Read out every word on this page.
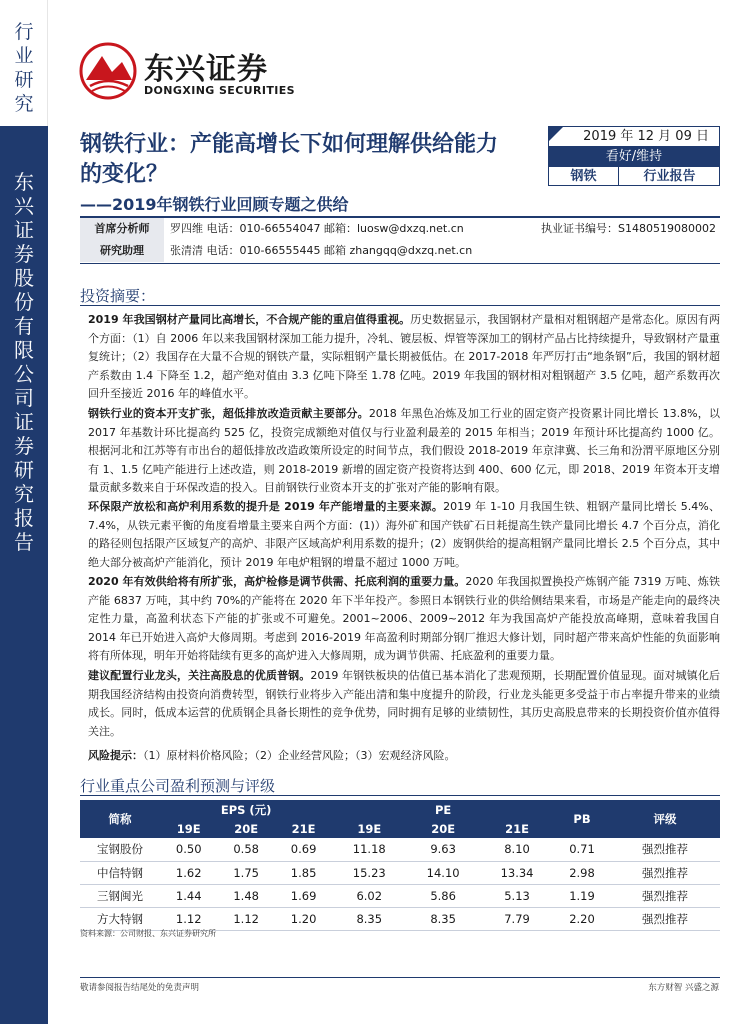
行业研究
东兴证券股份有限公司证券研究报告
东兴证券
DONGXING SECURITIES
钢铁行业：产能高增长下如何理解供给能力的变化？
——2019年钢铁行业回顾专题之供给
2019 年 12 月 09 日
看好/维持
钢铁	行业报告
首席分析师	罗四维 电话：010-66554047 邮箱：luosw@dxzq.net.cn	执业证书编号：S1480519080002
研究助理	张清清 电话：010-66555445 邮箱 zhangqq@dxzq.net.cn
投资摘要：
2019 年我国钢材产量同比高增长，不合规产能的重启值得重视。历史数据显示，我国钢材产量相对粗钢超产是常态化。原因有两个方面：（1）自 2006 年以来我国钢材深加工能力提升，冷轧、镀层板、焊管等深加工的钢材产品占比持续提升，导致钢材产量重复统计；（2）我国存在大量不合规的钢铁产量，实际粗钢产量长期被低估。在 2017-2018 年严厉打击“地条钢”后，我国的钢材超产系数由 1.4 下降至 1.2，超产绝对值由 3.3 亿吨下降至 1.78 亿吨。2019 年我国的钢材相对粗钢超产 3.5 亿吨，超产系数再次回升至接近 2016 年的峰值水平。
钢铁行业的资本开支扩张，超低排放改造贡献主要部分。2018 年黑色冶炼及加工行业的固定资产投资累计同比增长 13.8%，以 2017 年基数计环比提高约 525 亿，投资完成额绝对值仅与行业盈利最差的 2015 年相当；2019 年预计环比提高约 1000 亿。根据河北和江苏等有市出台的超低排放改造政策所设定的时间节点，我们假设 2018-2019 年京津冀、长三角和汾渭平原地区分别有 1、1.5 亿吨产能进行上述改造，则 2018-2019 新增的固定资产投资将达到 400、600 亿元，即 2018、2019 年资本开支增量贡献多数来自于环保改造的投入。目前钢铁行业资本开支的扩张对产能的影响有限。
环保限产放松和高炉利用系数的提升是 2019 年产能增量的主要来源。2019 年 1-10 月我国生铁、粗钢产量同比增长 5.4%、7.4%，从铁元素平衡的角度看增量主要来自两个方面：(1)）海外矿和国产铁矿石日耗提高生铁产量同比增长 4.7 个百分点，消化的路径则包括限产区域复产的高炉、非限产区域高炉利用系数的提升；(2）废钢供给的提高粗钢产量同比增长 2.5 个百分点，其中绝大部分被高炉产能消化，预计 2019 年电炉粗钢的增量不超过 1000 万吨。
2020 年有效供给将有所扩张，高炉检修是调节供需、托底利润的重要力量。2020 年我国拟置换投产炼钢产能 7319 万吨、炼铁产能 6837 万吨，其中约 70%的产能将在 2020 年下半年投产。参照日本钢铁行业的供给侧结果来看，市场是产能走向的最终决定性力量，高盈利状态下产能的扩张或不可避免。2001~2006、2009~2012 年为我国高炉产能投放高峰期，意味着我国自 2014 年已开始进入高炉大修周期。考虑到 2016-2019 年高盈利时期部分钢厂推迟大修计划，同时超产带来高炉性能的负面影响将有所体现，明年开始将陆续有更多的高炉进入大修周期，成为调节供需、托底盈利的重要力量。
建议配置行业龙头，关注高股息的优质普钢。2019 年钢铁板块的估值已基本消化了悲观预期，长期配置价值显现。面对城镇化后期我国经济结构由投资向消费转型，钢铁行业将步入产能出清和集中度提升的阶段，行业龙头能更多受益于市占率提升带来的业绩成长。同时，低成本运营的优质钢企具备长期性的竞争优势，同时拥有足够的业绩韧性，其历史高股息带来的长期投资价值亦值得关注。
风险提示：（1）原材料价格风险；（2）企业经营风险；（3）宏观经济风险。
行业重点公司盈利预测与评级
简称	EPS (元)			PE			PB	评级
	19E	20E	21E	19E	20E	21E		
宝钢股份	0.50	0.58	0.69	11.18	9.63	8.10	0.71	强烈推荐
中信特钢	1.62	1.75	1.85	15.23	14.10	13.34	2.98	强烈推荐
三钢闽光	1.44	1.48	1.69	6.02	5.86	5.13	1.19	强烈推荐
方大特钢	1.12	1.12	1.20	8.35	8.35	7.79	2.20	强烈推荐
资料来源：公司财报、东兴证券研究所
敬请参阅报告结尾处的免责声明	东方财智 兴盛之源
